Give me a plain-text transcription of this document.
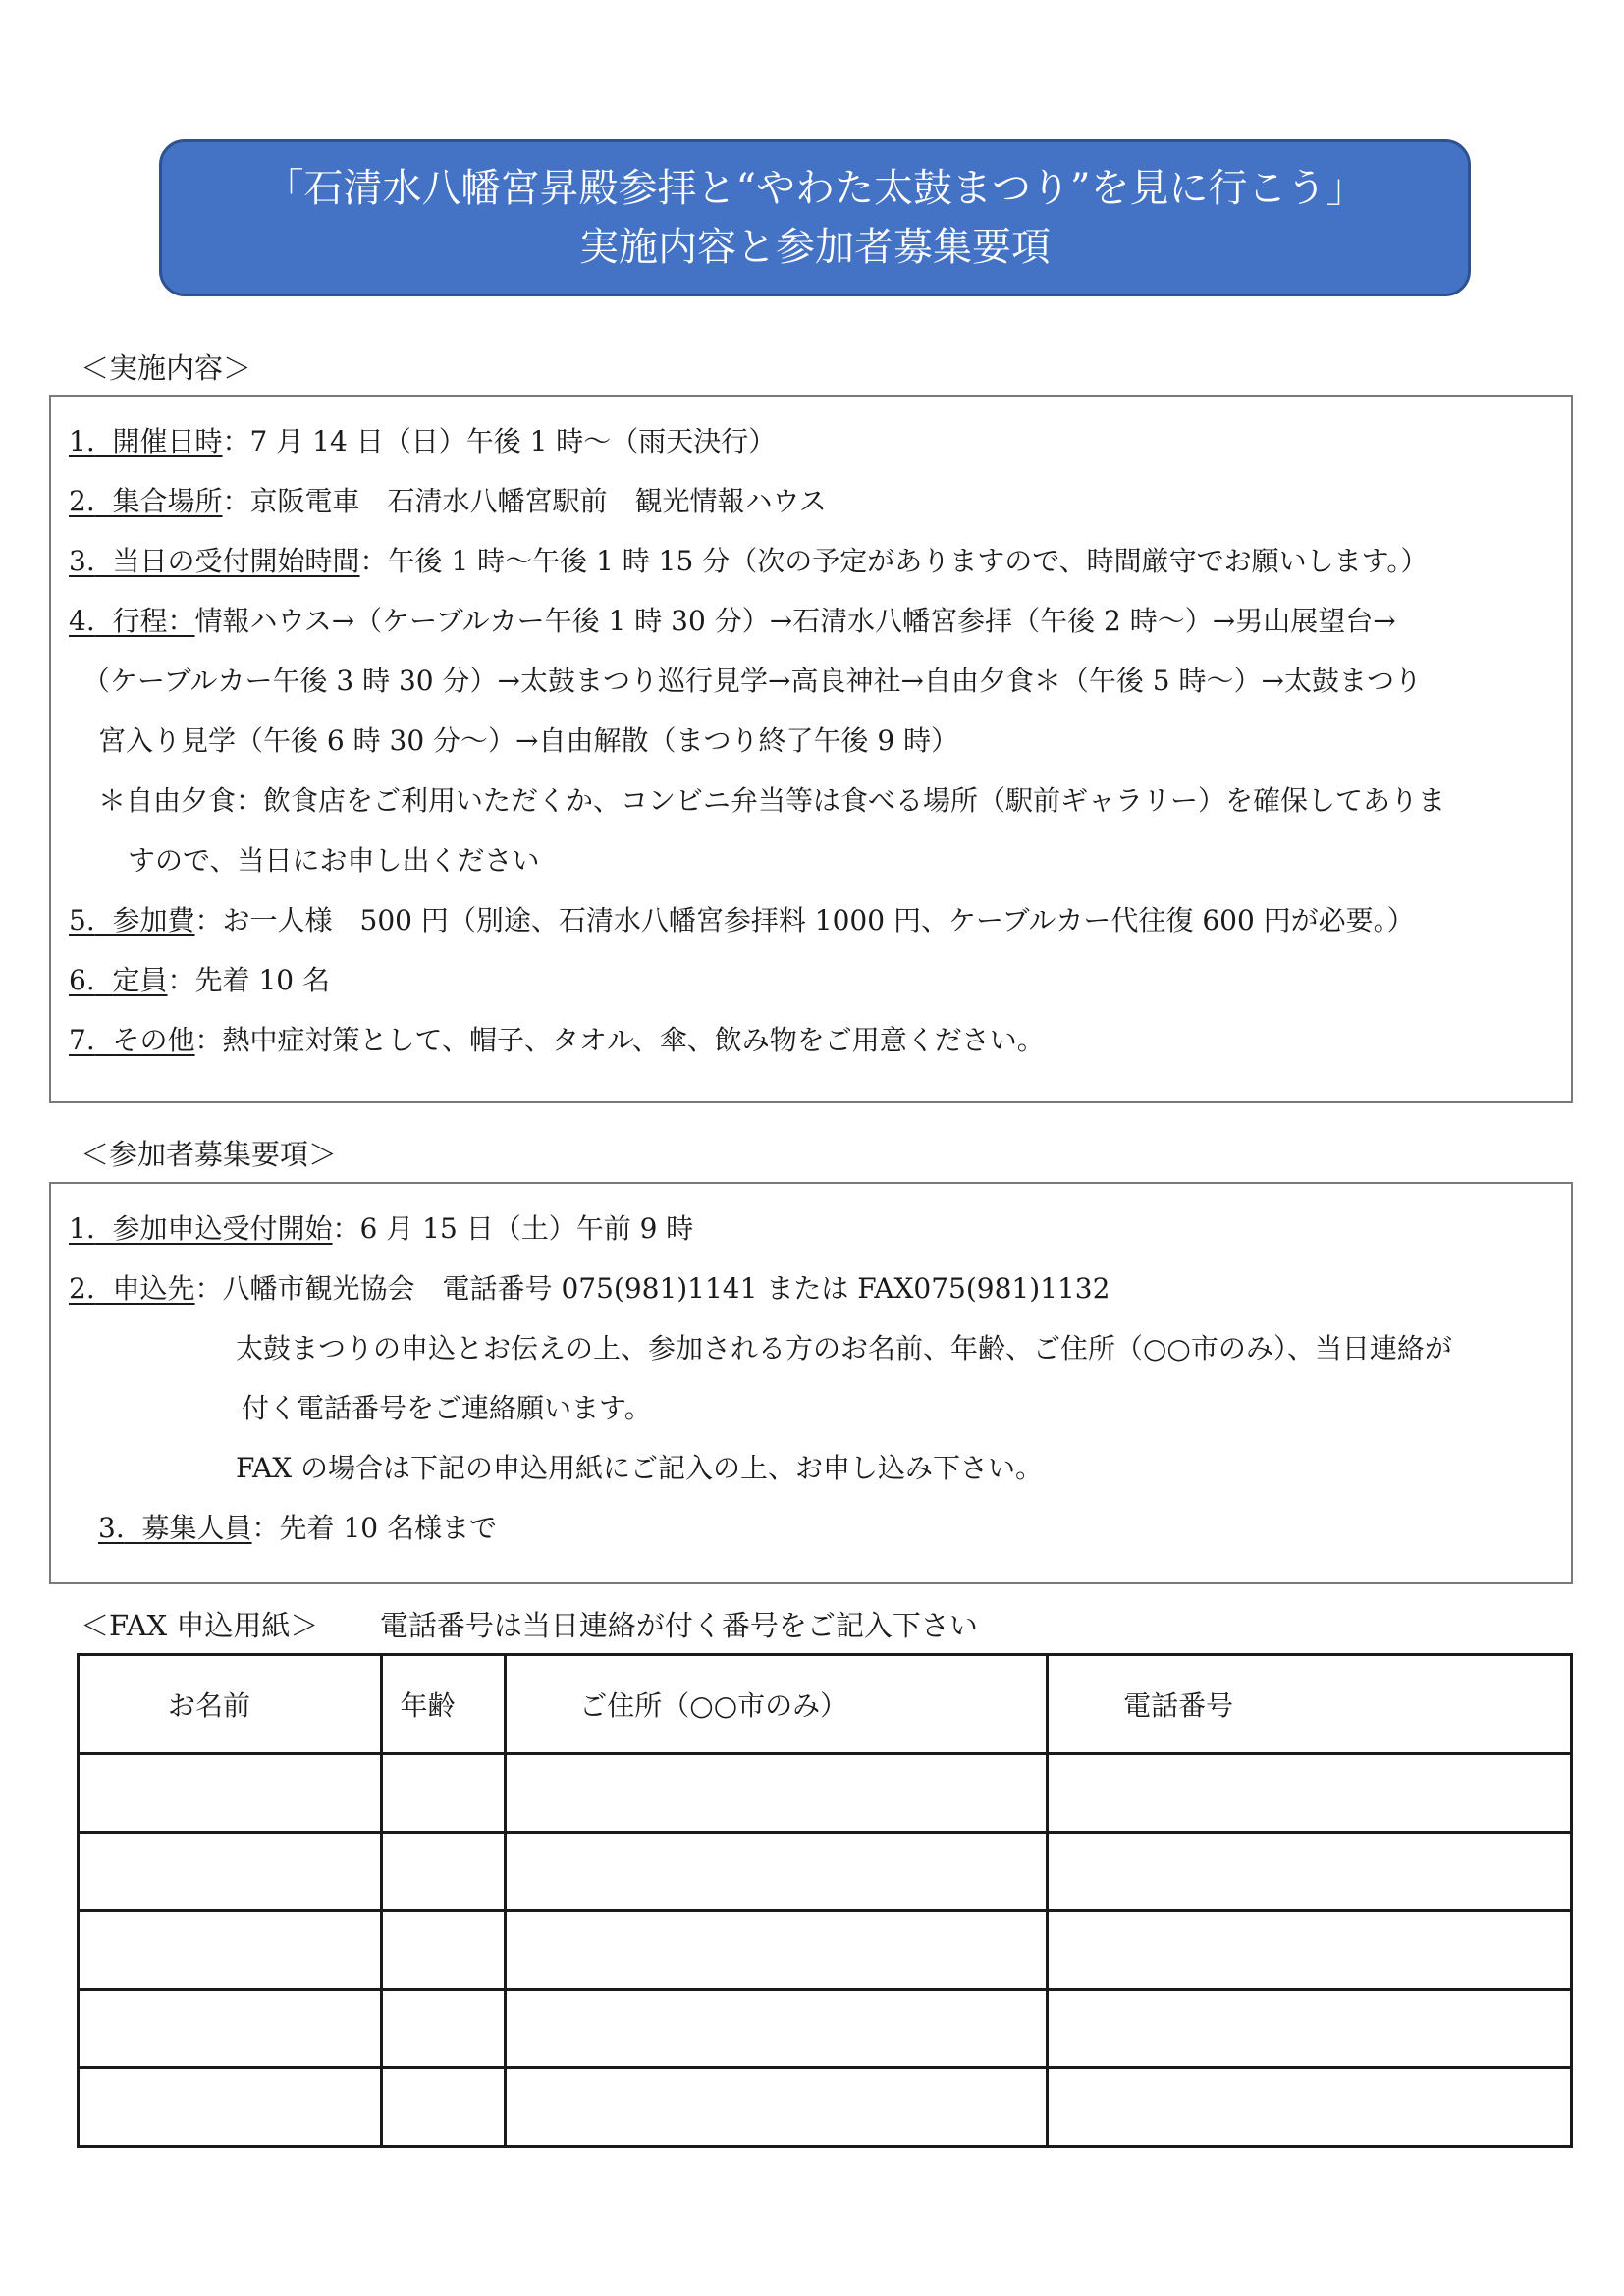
「石清水八幡宮昇殿参拝と“やわた太鼓まつり”を見に行こう」
実施内容と参加者募集要項
＜実施内容＞
1. 開催日時：7 月 14 日（日）午後 1 時～（雨天決行）
2. 集合場所：京阪電車　石清水八幡宮駅前　観光情報ハウス
3. 当日の受付開始時間：午後 1 時～午後 1 時 15 分（次の予定がありますので、時間厳守でお願いします。）
4. 行程：情報ハウス→（ケーブルカー午後 1 時 30 分）→石清水八幡宮参拝（午後 2 時～）→男山展望台→
（ケーブルカー午後 3 時 30 分）→太鼓まつり巡行見学→高良神社→自由夕食＊（午後 5 時～）→太鼓まつり
宮入り見学（午後 6 時 30 分～）→自由解散（まつり終了午後 9 時）
＊自由夕食：飲食店をご利用いただくか、コンビニ弁当等は食べる場所（駅前ギャラリー）を確保してありま
すので、当日にお申し出ください
5. 参加費：お一人様　500 円（別途、石清水八幡宮参拝料 1000 円、ケーブルカー代往復 600 円が必要。）
6. 定員：先着 10 名
7. その他：熱中症対策として、帽子、タオル、傘、飲み物をご用意ください。
＜参加者募集要項＞
1. 参加申込受付開始：6 月 15 日（土）午前 9 時
2. 申込先：八幡市観光協会　電話番号 075(981)1141 または FAX075(981)1132
太鼓まつりの申込とお伝えの上、参加される方のお名前、年齢、ご住所（○○市のみ）、当日連絡が
付く電話番号をご連絡願います。
FAX の場合は下記の申込用紙にご記入の上、お申し込み下さい。
3. 募集人員：先着 10 名様まで
＜FAX 申込用紙＞ 電話番号は当日連絡が付く番号をご記入下さい
お名前	年齢	ご住所（○○市のみ）	電話番号
